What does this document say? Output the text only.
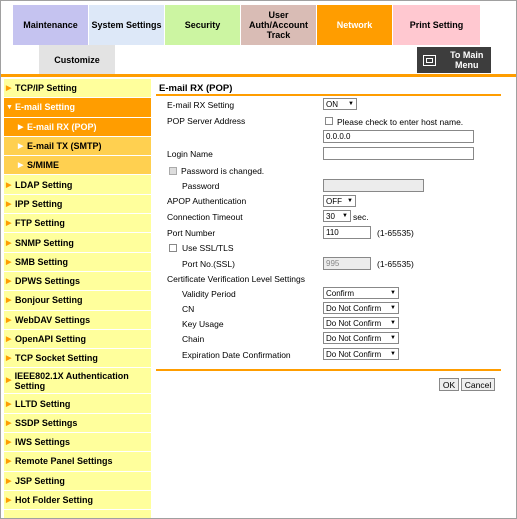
Maintenance	System Settings	Security
User Auth/Account Track
Network	Print Setting
Customize	To Main Menu
▶ TCP/IP Setting
▼ E-mail Setting
▶ E-mail RX (POP)
▶ E-mail TX (SMTP)
▶ S/MIME
▶ LDAP Setting
▶ IPP Setting
▶ FTP Setting
▶ SNMP Setting
▶ SMB Setting
▶ DPWS Settings
▶ Bonjour Setting
▶ WebDAV Settings
▶ OpenAPI Setting
▶ TCP Socket Setting
▶ IEEE802.1X Authentication Setting
▶ LLTD Setting
▶ SSDP Settings
▶ IWS Settings
▶ Remote Panel Settings
▶ JSP Setting
▶ Hot Folder Setting
E-mail RX (POP)
E-mail RX Setting	ON ▼
POP Server Address	Please check to enter host name.
0.0.0.0
Login Name
Password is changed.
Password
APOP Authentication	OFF ▼
Connection Timeout	30 ▼ sec.
Port Number	110	(1-65535)
Use SSL/TLS
Port No.(SSL)	995	(1-65535)
Certificate Verification Level Settings
Validity Period	Confirm	▼
CN	Do Not Confirm ▼
Key Usage	Do Not Confirm ▼
Chain	Do Not Confirm ▼
Expiration Date Confirmation	Do Not Confirm ▼
OK	Cancel
